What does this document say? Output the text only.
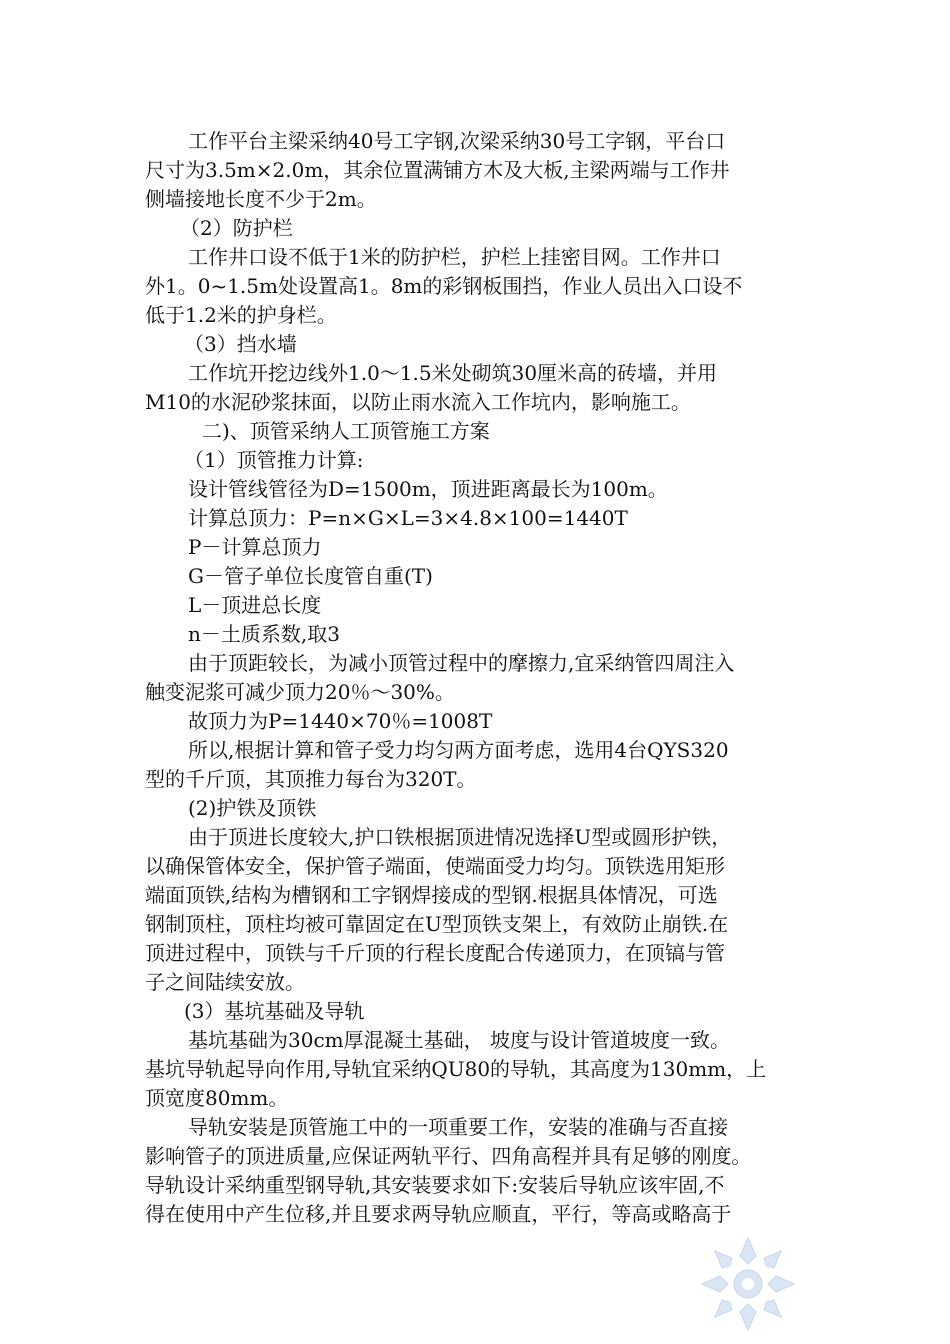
工作平台主梁采纳40号工字钢,次梁采纳30号工字钢，平台口
尺寸为3.5m×2.0m，其余位置满铺方木及大板,主梁两端与工作井
侧墙接地长度不少于2m。
（2）防护栏
工作井口设不低于1米的防护栏，护栏上挂密目网。工作井口
外1。0~1.5m处设置高1。8m的彩钢板围挡，作业人员出入口设不
低于1.2米的护身栏。
（3）挡水墙
工作坑开挖边线外1.0～1.5米处砌筑30厘米高的砖墙，并用
M10的水泥砂浆抹面，以防止雨水流入工作坑内，影响施工。
二)、顶管采纳人工顶管施工方案
（1）顶管推力计算:
设计管线管径为D=1500m，顶进距离最长为100m。
计算总顶力：P=n×G×L=3×4.8×100=1440T
P－计算总顶力
G－管子单位长度管自重(T)
L－顶进总长度
n－土质系数,取3
由于顶距较长，为减小顶管过程中的摩擦力,宜采纳管四周注入
触变泥浆可减少顶力20％～30%。
故顶力为P=1440×70％=1008T
所以,根据计算和管子受力均匀两方面考虑，选用4台QYS320
型的千斤顶，其顶推力每台为320T。
(2)护铁及顶铁
由于顶进长度较大,护口铁根据顶进情况选择U型或圆形护铁，
以确保管体安全，保护管子端面，使端面受力均匀。顶铁选用矩形
端面顶铁,结构为槽钢和工字钢焊接成的型钢.根据具体情况，可选
钢制顶柱，顶柱均被可靠固定在U型顶铁支架上，有效防止崩铁.在
顶进过程中，顶铁与千斤顶的行程长度配合传递顶力，在顶镐与管
子之间陆续安放。
(3）基坑基础及导轨
基坑基础为30cm厚混凝土基础， 坡度与设计管道坡度一致。
基坑导轨起导向作用,导轨宜采纳QU80的导轨，其高度为130mm，上
顶宽度80mm。
导轨安装是顶管施工中的一项重要工作，安装的准确与否直接
影响管子的顶进质量,应保证两轨平行、四角高程并具有足够的刚度。
导轨设计采纳重型钢导轨,其安装要求如下:安装后导轨应该牢固,不
得在使用中产生位移,并且要求两导轨应顺直，平行，等高或略高于
